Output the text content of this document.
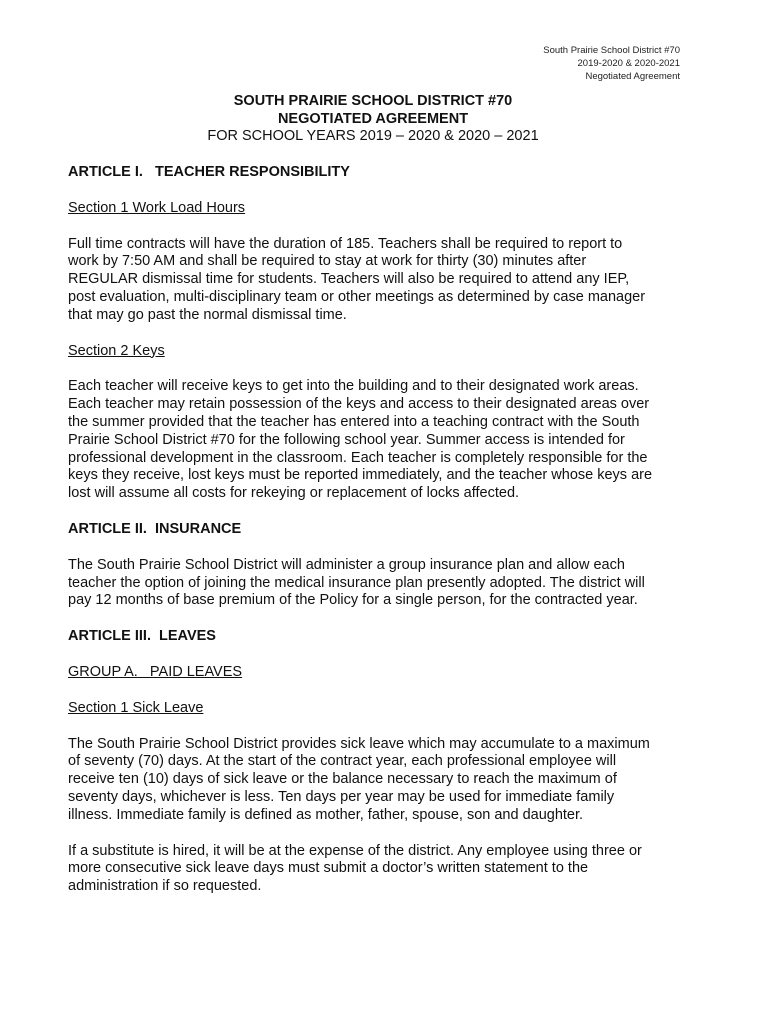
South Prairie School District #70
2019-2020 & 2020-2021
Negotiated Agreement
SOUTH PRAIRIE SCHOOL DISTRICT #70
NEGOTIATED AGREEMENT
FOR SCHOOL YEARS 2019 – 2020 & 2020 – 2021
ARTICLE I.   TEACHER RESPONSIBILITY
Section 1 Work Load Hours
Full time contracts will have the duration of 185. Teachers shall be required to report to
work by 7:50 AM and shall be required to stay at work for thirty (30) minutes after
REGULAR dismissal time for students. Teachers will also be required to attend any IEP,
post evaluation, multi-disciplinary team or other meetings as determined by case manager
that may go past the normal dismissal time.
Section 2 Keys
Each teacher will receive keys to get into the building and to their designated work areas.
Each teacher may retain possession of the keys and access to their designated areas over
the summer provided that the teacher has entered into a teaching contract with the South
Prairie School District #70 for the following school year. Summer access is intended for
professional development in the classroom. Each teacher is completely responsible for the
keys they receive, lost keys must be reported immediately, and the teacher whose keys are
lost will assume all costs for rekeying or replacement of locks affected.
ARTICLE II.  INSURANCE
The South Prairie School District will administer a group insurance plan and allow each
teacher the option of joining the medical insurance plan presently adopted. The district will
pay 12 months of base premium of the Policy for a single person, for the contracted year.
ARTICLE III.  LEAVES
GROUP A.   PAID LEAVES
Section 1 Sick Leave
The South Prairie School District provides sick leave which may accumulate to a maximum
of seventy (70) days. At the start of the contract year, each professional employee will
receive ten (10) days of sick leave or the balance necessary to reach the maximum of
seventy days, whichever is less. Ten days per year may be used for immediate family
illness. Immediate family is defined as mother, father, spouse, son and daughter.
If a substitute is hired, it will be at the expense of the district. Any employee using three or
more consecutive sick leave days must submit a doctor’s written statement to the
administration if so requested.
